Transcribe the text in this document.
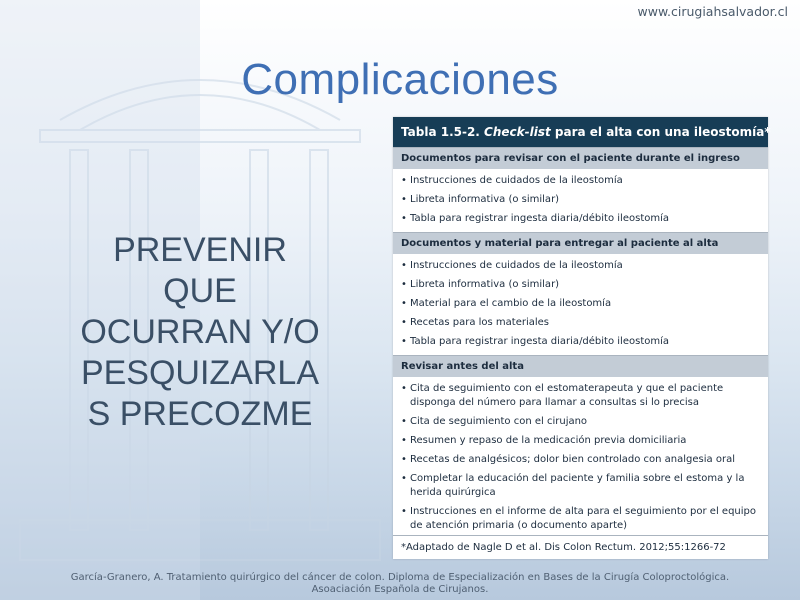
www.cirugiahsalvador.cl
Complicaciones
PREVENIR
QUE
OCURRAN Y/O
PESQUIZARLA
S PRECOZME
Tabla 1.5-2. Check-list para el alta con una ileostomía*
Documentos para revisar con el paciente durante el ingreso
• Instrucciones de cuidados de la ileostomía
• Libreta informativa (o similar)
• Tabla para registrar ingesta diaria/débito ileostomía
Documentos y material para entregar al paciente al alta
• Instrucciones de cuidados de la ileostomía
• Libreta informativa (o similar)
• Material para el cambio de la ileostomía
• Recetas para los materiales
• Tabla para registrar ingesta diaria/débito ileostomía
Revisar antes del alta
• Cita de seguimiento con el estomaterapeuta y que el paciente
disponga del número para llamar a consultas si lo precisa
• Cita de seguimiento con el cirujano
• Resumen y repaso de la medicación previa domiciliaria
• Recetas de analgésicos; dolor bien controlado con analgesia oral
• Completar la educación del paciente y familia sobre el estoma y la
herida quirúrgica
• Instrucciones en el informe de alta para el seguimiento por el equipo
de atención primaria (o documento aparte)
*Adaptado de Nagle D et al. Dis Colon Rectum. 2012;55:1266-72
García-Granero, A. Tratamiento quirúrgico del cáncer de colon. Diploma de Especialización en Bases de la Cirugía Coloproctológica.
Asoaciación Española de Cirujanos.
